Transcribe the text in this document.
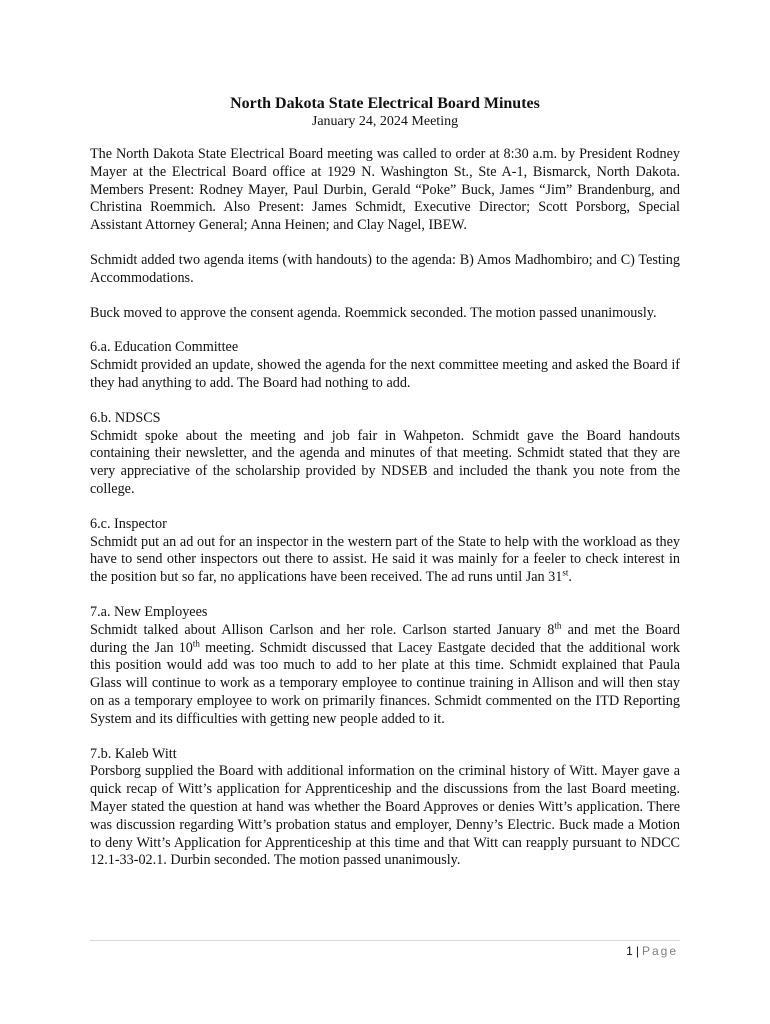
North Dakota State Electrical Board Minutes

January 24, 2024 Meeting

The North Dakota State Electrical Board meeting was called to order at 8:30 a.m. by President Rodney Mayer at the Electrical Board office at 1929 N. Washington St., Ste A-1, Bismarck, North Dakota. Members Present: Rodney Mayer, Paul Durbin, Gerald “Poke” Buck, James “Jim” Brandenburg, and Christina Roemmich. Also Present: James Schmidt, Executive Director; Scott Porsborg, Special Assistant Attorney General; Anna Heinen; and Clay Nagel, IBEW.

Schmidt added two agenda items (with handouts) to the agenda: B) Amos Madhombiro; and C) Testing Accommodations.

Buck moved to approve the consent agenda. Roemmick seconded. The motion passed unanimously.

6.a. Education Committee

Schmidt provided an update, showed the agenda for the next committee meeting and asked the Board if they had anything to add. The Board had nothing to add.

6.b. NDSCS

Schmidt spoke about the meeting and job fair in Wahpeton. Schmidt gave the Board handouts containing their newsletter, and the agenda and minutes of that meeting. Schmidt stated that they are very appreciative of the scholarship provided by NDSEB and included the thank you note from the college.

6.c. Inspector

Schmidt put an ad out for an inspector in the western part of the State to help with the workload as they have to send other inspectors out there to assist. He said it was mainly for a feeler to check interest in the position but so far, no applications have been received. The ad runs until Jan 31st.

7.a. New Employees

Schmidt talked about Allison Carlson and her role. Carlson started January 8th and met the Board during the Jan 10th meeting. Schmidt discussed that Lacey Eastgate decided that the additional work this position would add was too much to add to her plate at this time. Schmidt explained that Paula Glass will continue to work as a temporary employee to continue training in Allison and will then stay on as a temporary employee to work on primarily finances. Schmidt commented on the ITD Reporting System and its difficulties with getting new people added to it.

7.b. Kaleb Witt

Porsborg supplied the Board with additional information on the criminal history of Witt. Mayer gave a quick recap of Witt’s application for Apprenticeship and the discussions from the last Board meeting. Mayer stated the question at hand was whether the Board Approves or denies Witt’s application. There was discussion regarding Witt’s probation status and employer, Denny’s Electric. Buck made a Motion to deny Witt’s Application for Apprenticeship at this time and that Witt can reapply pursuant to NDCC 12.1-33-02.1. Durbin seconded. The motion passed unanimously.

1 | Page
